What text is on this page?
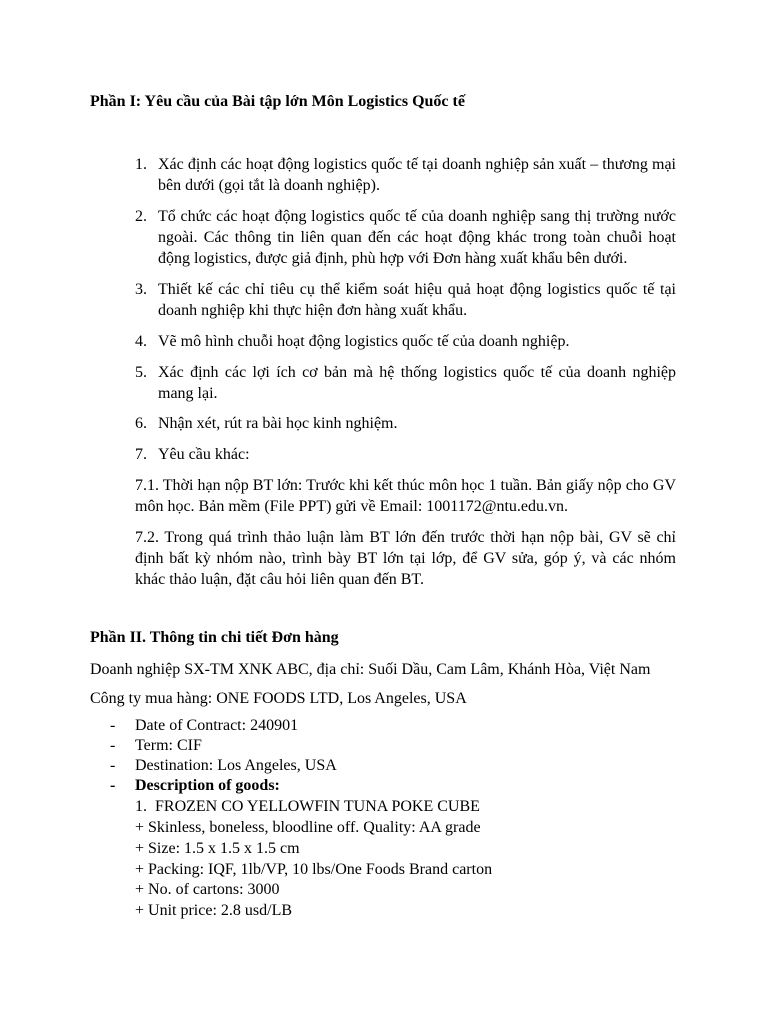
Phần I: Yêu cầu của Bài tập lớn Môn Logistics Quốc tế
1. Xác định các hoạt động logistics quốc tế tại doanh nghiệp sản xuất – thương mại bên dưới (gọi tắt là doanh nghiệp).
2. Tổ chức các hoạt động logistics quốc tế của doanh nghiệp sang thị trường nước ngoài. Các thông tin liên quan đến các hoạt động khác trong toàn chuỗi hoạt động logistics, được giả định, phù hợp với Đơn hàng xuất khẩu bên dưới.
3. Thiết kế các chỉ tiêu cụ thể kiểm soát hiệu quả hoạt động logistics quốc tế tại doanh nghiệp khi thực hiện đơn hàng xuất khẩu.
4. Vẽ mô hình chuỗi hoạt động logistics quốc tế của doanh nghiệp.
5. Xác định các lợi ích cơ bản mà hệ thống logistics quốc tế của doanh nghiệp mang lại.
6. Nhận xét, rút ra bài học kinh nghiệm.
7. Yêu cầu khác:
7.1. Thời hạn nộp BT lớn: Trước khi kết thúc môn học 1 tuần. Bản giấy nộp cho GV môn học. Bản mềm (File PPT) gửi về Email: 1001172@ntu.edu.vn.
7.2. Trong quá trình thảo luận làm BT lớn đến trước thời hạn nộp bài, GV sẽ chỉ định bất kỳ nhóm nào, trình bày BT lớn tại lớp, để GV sửa, góp ý, và các nhóm khác thảo luận, đặt câu hỏi liên quan đến BT.
Phần II. Thông tin chi tiết Đơn hàng
Doanh nghiệp SX-TM XNK ABC, địa chỉ: Suối Dầu, Cam Lâm, Khánh Hòa, Việt Nam
Công ty mua hàng: ONE FOODS LTD, Los Angeles, USA
- Date of Contract: 240901
- Term: CIF
- Destination: Los Angeles, USA
- Description of goods:
1.  FROZEN CO YELLOWFIN TUNA POKE CUBE
+ Skinless, boneless, bloodline off. Quality: AA grade
+ Size: 1.5 x 1.5 x 1.5 cm
+ Packing: IQF, 1lb/VP, 10 lbs/One Foods Brand carton
+ No. of cartons: 3000
+ Unit price: 2.8 usd/LB
